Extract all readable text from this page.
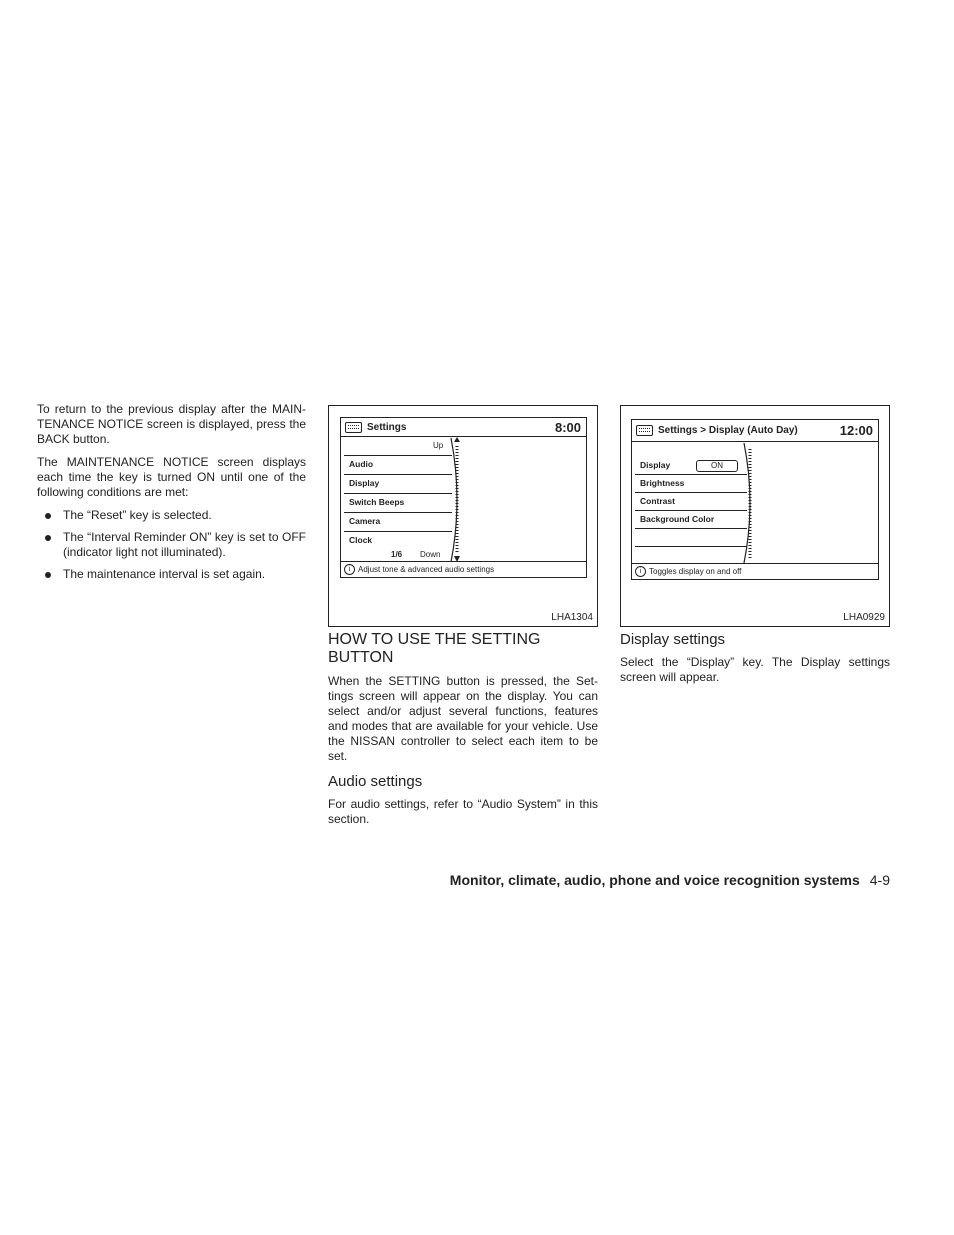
To return to the previous display after the MAIN-TENANCE NOTICE screen is displayed, press the BACK button.

The MAINTENANCE NOTICE screen displays each time the key is turned ON until one of the following conditions are met:

The “Reset” key is selected.
The “Interval Reminder ON” key is set to OFF (indicator light not illuminated).
The maintenance interval is set again.
Settings	8:00
Up
Audio
Display
Switch Beeps
Camera
Clock
1/6 Down
i Adjust tone & advanced audio settings
LHA1304
Settings > Display (Auto Day)	12:00
Display	ON
Brightness
Contrast
Background Color
i Toggles display on and off
LHA0929
HOW TO USE THE SETTING BUTTON

When the SETTING button is pressed, the Set-tings screen will appear on the display. You can select and/or adjust several functions, features and modes that are available for your vehicle. Use the NISSAN controller to select each item to be set.

Audio settings

For audio settings, refer to “Audio System” in this section.

Display settings

Select the “Display” key. The Display settings screen will appear.

Monitor, climate, audio, phone and voice recognition systems 4-9
